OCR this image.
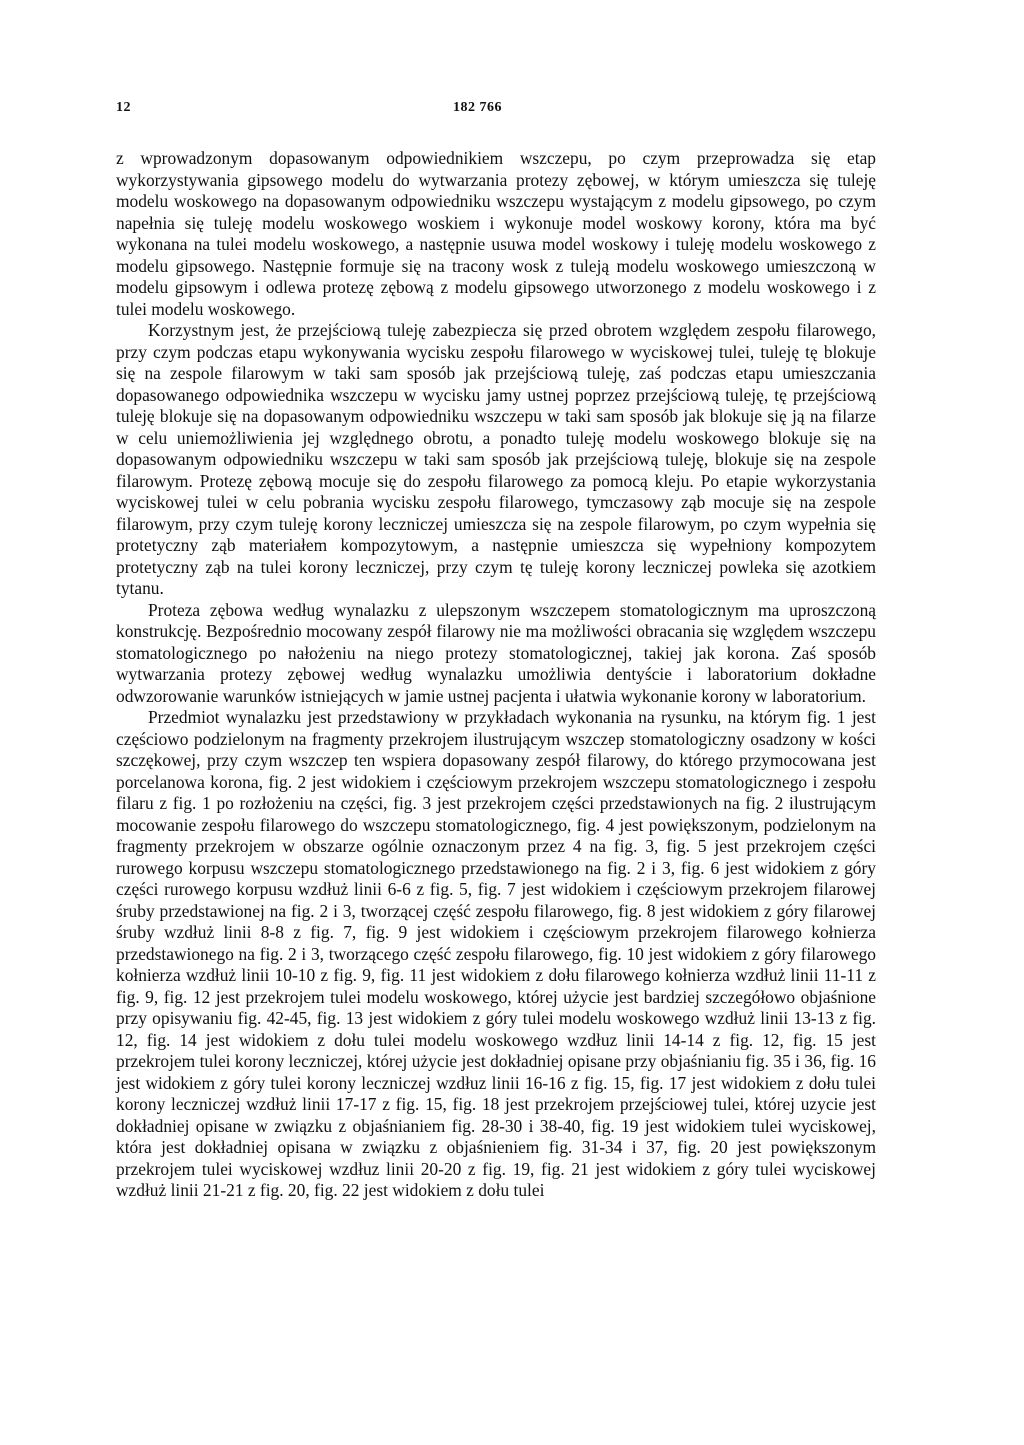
12	182 766

z wprowadzonym dopasowanym odpowiednikiem wszczepu, po czym przeprowadza się etap wykorzystywania gipsowego modelu do wytwarzania protezy zębowej, w którym umieszcza się tuleję modelu woskowego na dopasowanym odpowiedniku wszczepu wystającym z modelu gipsowego, po czym napełnia się tuleję modelu woskowego woskiem i wykonuje model woskowy korony, która ma być wykonana na tulei modelu woskowego, a następnie usuwa model woskowy i tuleję modelu woskowego z modelu gipsowego. Następnie formuje się na tracony wosk z tuleją modelu woskowego umieszczoną w modelu gipsowym i odlewa protezę zębową z modelu gipsowego utworzonego z modelu woskowego i z tulei modelu woskowego.

Korzystnym jest, że przejściową tuleję zabezpiecza się przed obrotem względem zespołu filarowego, przy czym podczas etapu wykonywania wycisku zespołu filarowego w wyciskowej tulei, tuleję tę blokuje się na zespole filarowym w taki sam sposób jak przejściową tuleję, zaś podczas etapu umieszczania dopasowanego odpowiednika wszczepu w wycisku jamy ustnej poprzez przejściową tuleję, tę przejściową tuleję blokuje się na dopasowanym odpowiedniku wszczepu w taki sam sposób jak blokuje się ją na filarze w celu uniemożliwienia jej względnego obrotu, a ponadto tuleję modelu woskowego blokuje się na dopasowanym odpowiedniku wszczepu w taki sam sposób jak przejściową tuleję, blokuje się na zespole filarowym. Protezę zębową mocuje się do zespołu filarowego za pomocą kleju. Po etapie wykorzystania wyciskowej tulei w celu pobrania wycisku zespołu filarowego, tymczasowy ząb mocuje się na zespole filarowym, przy czym tuleję korony leczniczej umieszcza się na zespole filarowym, po czym wypełnia się protetyczny ząb materiałem kompozytowym, a następnie umieszcza się wypełniony kompozytem protetyczny ząb na tulei korony leczniczej, przy czym tę tuleję korony leczniczej powleka się azotkiem tytanu.

Proteza zębowa według wynalazku z ulepszonym wszczepem stomatologicznym ma uproszczoną konstrukcję. Bezpośrednio mocowany zespół filarowy nie ma możliwości obracania się względem wszczepu stomatologicznego po nałożeniu na niego protezy stomatologicznej, takiej jak korona. Zaś sposób wytwarzania protezy zębowej według wynalazku umożliwia dentyście i laboratorium dokładne odwzorowanie warunków istniejących w jamie ustnej pacjenta i ułatwia wykonanie korony w laboratorium.

Przedmiot wynalazku jest przedstawiony w przykładach wykonania na rysunku, na którym fig. 1 jest częściowo podzielonym na fragmenty przekrojem ilustrującym wszczep stomatologiczny osadzony w kości szczękowej, przy czym wszczep ten wspiera dopasowany zespół filarowy, do którego przymocowana jest porcelanowa korona, fig. 2 jest widokiem i częściowym przekrojem wszczepu stomatologicznego i zespołu filaru z fig. 1 po rozłożeniu na części, fig. 3 jest przekrojem części przedstawionych na fig. 2 ilustrującym mocowanie zespołu filarowego do wszczepu stomatologicznego, fig. 4 jest powiększonym, podzielonym na fragmenty przekrojem w obszarze ogólnie oznaczonym przez 4 na fig. 3, fig. 5 jest przekrojem części rurowego korpusu wszczepu stomatologicznego przedstawionego na fig. 2 i 3, fig. 6 jest widokiem z góry części rurowego korpusu wzdłuż linii 6-6 z fig. 5, fig. 7 jest widokiem i częściowym przekrojem filarowej śruby przedstawionej na fig. 2 i 3, tworzącej część zespołu filarowego, fig. 8 jest widokiem z góry filarowej śruby wzdłuż linii 8-8 z fig. 7, fig. 9 jest widokiem i częściowym przekrojem filarowego kołnierza przedstawionego na fig. 2 i 3, tworzącego część zespołu filarowego, fig. 10 jest widokiem z góry filarowego kołnierza wzdłuż linii 10-10 z fig. 9, fig. 11 jest widokiem z dołu filarowego kołnierza wzdłuż linii 11-11 z fig. 9, fig. 12 jest przekrojem tulei modelu woskowego, której użycie jest bardziej szczegółowo objaśnione przy opisywaniu fig. 42-45, fig. 13 jest widokiem z góry tulei modelu woskowego wzdłuż linii 13-13 z fig. 12, fig. 14 jest widokiem z dołu tulei modelu woskowego wzdłuz linii 14-14 z fig. 12, fig. 15 jest przekrojem tulei korony leczniczej, której użycie jest dokładniej opisane przy objaśnianiu fig. 35 i 36, fig. 16 jest widokiem z góry tulei korony leczniczej wzdłuz linii 16-16 z fig. 15, fig. 17 jest widokiem z dołu tulei korony leczniczej wzdłuż linii 17-17 z fig. 15, fig. 18 jest przekrojem przejściowej tulei, której uzycie jest dokładniej opisane w związku z objaśnianiem fig. 28-30 i 38-40, fig. 19 jest widokiem tulei wyciskowej, która jest dokładniej opisana w związku z objaśnieniem fig. 31-34 i 37, fig. 20 jest powiększonym przekrojem tulei wyciskowej wzdłuz linii 20-20 z fig. 19, fig. 21 jest widokiem z góry tulei wyciskowej wzdłuż linii 21-21 z fig. 20, fig. 22 jest widokiem z dołu tulei
